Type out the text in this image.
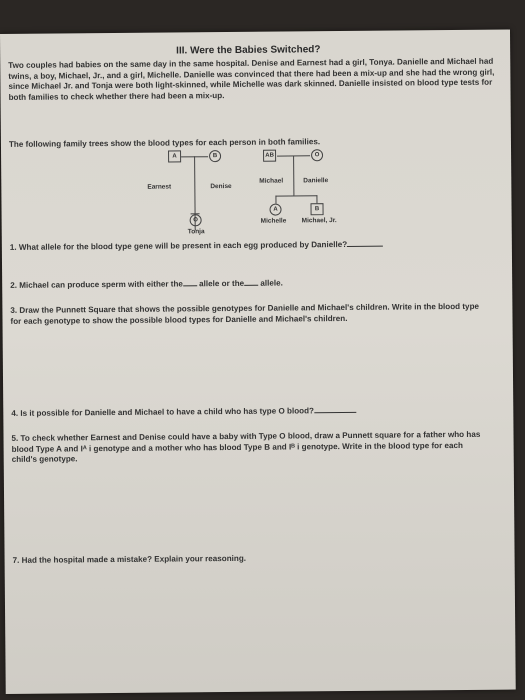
III. Were the Babies Switched?
Two couples had babies on the same day in the same hospital. Denise and Earnest had a girl, Tonya. Danielle and Michael had twins, a boy, Michael, Jr., and a girl, Michelle. Danielle was convinced that there had been a mix-up and she had the wrong girl, since Michael Jr. and Tonja were both light-skinned, while Michelle was dark skinned. Danielle insisted on blood type tests for both families to check whether there had been a mix-up.
The following family trees show the blood types for each person in both families.
A	B
Earnest	Denise
O
Tonja
AB	O
Michael	Danielle
A	B
Michelle Michael, Jr.
1. What allele for the blood type gene will be present in each egg produced by Danielle?
2. Michael can produce sperm with either the allele or the allele.
3. Draw the Punnett Square that shows the possible genotypes for Danielle and Michael's children. Write in the blood type for each genotype to show the possible blood types for Danielle and Michael's children.
4. Is it possible for Danielle and Michael to have a child who has type O blood?
5. To check whether Earnest and Denise could have a baby with Type O blood, draw a Punnett square for a father who has blood Type A and Iᴬ i genotype and a mother who has blood Type B and Iᴮ i genotype. Write in the blood type for each child's genotype.
7. Had the hospital made a mistake? Explain your reasoning.
